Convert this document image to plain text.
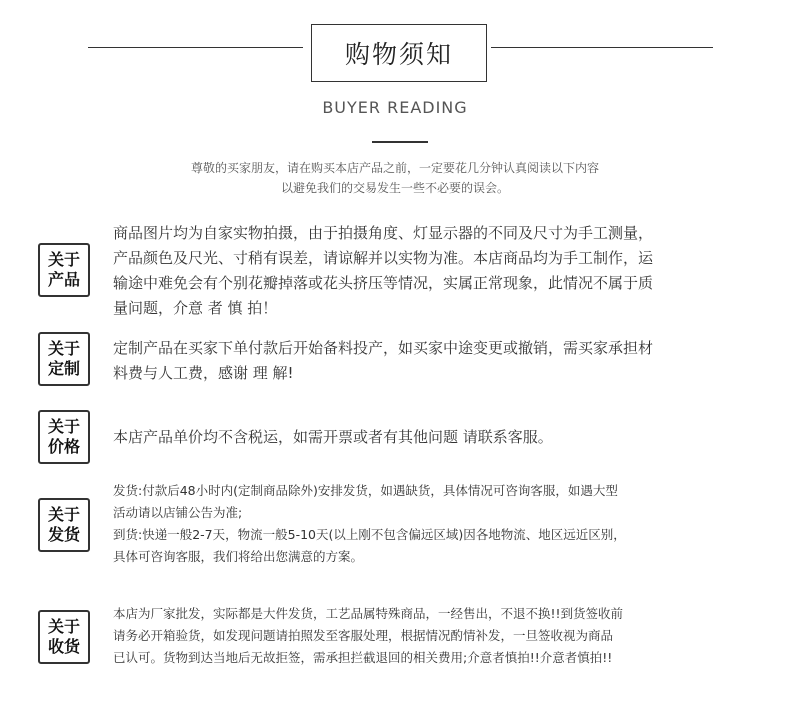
购物须知
BUYER READING
尊敬的买家朋友，请在购买本店产品之前，一定要花几分钟认真阅读以下内容
以避免我们的交易发生一些不必要的误会。
关于
产品
商品图片均为自家实物拍摄，由于拍摄角度、灯显示器的不同及尺寸为手工测量，
产品颜色及尺光、寸稍有误差，请谅解并以实物为准。本店商品均为手工制作，运
输途中难免会有个别花瓣掉落或花头挤压等情况，实属正常现象，此情况不属于质
量问题，介意 者 慎 拍！
关于
定制
定制产品在买家下单付款后开始备料投产，如买家中途变更或撤销，需买家承担材
料费与人工费，感谢 理 解!
关于
价格 本店产品单价均不含税运，如需开票或者有其他问题 请联系客服。
关于
发货
发货:付款后48小时内(定制商品除外)安排发货，如遇缺货，具体情况可咨询客服，如遇大型
活动请以店铺公告为准;
到货:快递一般2-7天，物流一般5-10天(以上刚不包含偏远区域)因各地物流、地区远近区别，
具体可咨询客服，我们将给出您满意的方案。
关于
收货
本店为厂家批发，实际都是大件发货，工艺品属特殊商品，一经售出，不退不换!!到货签收前
请务必开箱验货，如发现问题请拍照发至客服处理，根据情况酌情补发，一旦签收视为商品
已认可。货物到达当地后无故拒签，需承担拦截退回的相关费用;介意者慎拍!!介意者慎拍!!
